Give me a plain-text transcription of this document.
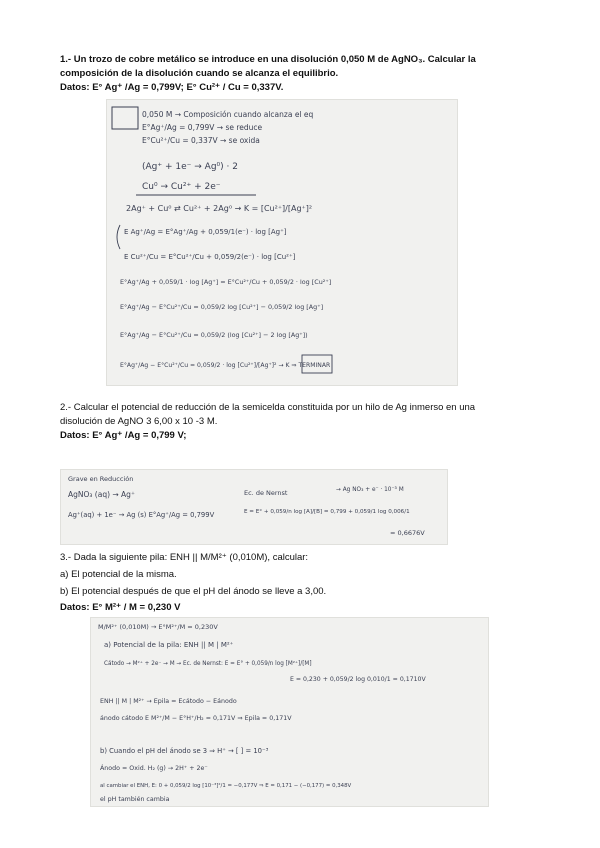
1.- Un trozo de cobre metálico se introduce en una disolución 0,050 M de AgNO₃. Calcular la
composición de la disolución cuando se alcanza el equilibrio.
Datos: E° Ag⁺ /Ag = 0,799V; E° Cu²⁺ / Cu = 0,337V.
0,050 M → Composición cuando alcanza el eq
E°Ag⁺/Ag = 0,799V → se reduce
E°Cu²⁺/Cu = 0,337V → se oxida
(Ag⁺ + 1e⁻ → Ag⁰) · 2
Cu⁰ → Cu²⁺ + 2e⁻
2Ag⁺ + Cu⁰ ⇄ Cu²⁺ + 2Ag⁰ → K = [Cu²⁺]/[Ag⁺]²
E Ag⁺/Ag = E°Ag⁺/Ag + 0,059/1(e⁻) · log [Ag⁺]
E Cu²⁺/Cu = E°Cu²⁺/Cu + 0,059/2(e⁻) · log [Cu²⁺]
E°Ag⁺/Ag + 0,059/1 · log [Ag⁺] = E°Cu²⁺/Cu + 0,059/2 · log [Cu²⁺]
E°Ag⁺/Ag − E°Cu²⁺/Cu = 0,059/2 log [Cu²⁺] − 0,059/2 log [Ag⁺]
E°Ag⁺/Ag − E°Cu²⁺/Cu = 0,059/2 (log [Cu²⁺] − 2 log [Ag⁺])
E°Ag⁺/Ag − E°Cu²⁺/Cu = 0,059/2 · log [Cu²⁺]/[Ag⁺]² → K ⇒ TERMINAR
2.- Calcular el potencial de reducción de la semicelda constituida por un hilo de Ag inmerso en una
disolución de AgNO 3 6,00 x 10 -3 M.
Datos: E° Ag⁺ /Ag = 0,799 V;
Grave en Reducción
AgNO₃ (aq) → Ag⁺
Ag⁺(aq) + 1e⁻ → Ag (s) E°Ag⁺/Ag = 0,799V
Ec. de Nernst
E = E° + 0,059/n log [A]/[B] = 0,799 + 0,059/1 log 0,006/1
→ Ag NO₃ + e⁻ · 10⁻³ M
= 0,6676V
3.- Dada la siguiente pila: ENH || M/M²⁺ (0,010M), calcular:
a) El potencial de la misma.
b) El potencial después de que el pH del ánodo se lleve a 3,00.
Datos: E° M²⁺ / M = 0,230 V
M/M²⁺ (0,010M) → E°M²⁺/M = 0,230V
a) Potencial de la pila: ENH || M | M²⁺
Cátodo → M²⁺ + 2e⁻ → M → Ec. de Nernst: E = E° + 0,059/n log [M²⁺]/[M]
E = 0,230 + 0,059/2 log 0,010/1 = 0,1710V
ENH || M | M²⁺ → Epila = Ecátodo − Eánodo
ánodo cátodo E M²⁺/M − E°H⁺/H₂ = 0,171V ⇒ Epila = 0,171V
b) Cuando el pH del ánodo se 3 ⇒ H⁺ → [ ] = 10⁻³
Ánodo = Oxid. H₂ (g) → 2H⁺ + 2e⁻
al cambiar el ENH, E: 0 + 0,059/2 log [10⁻³]²/1 = −0,177V ⇒ E = 0,171 − (−0,177) = 0,348V
el pH también cambia
